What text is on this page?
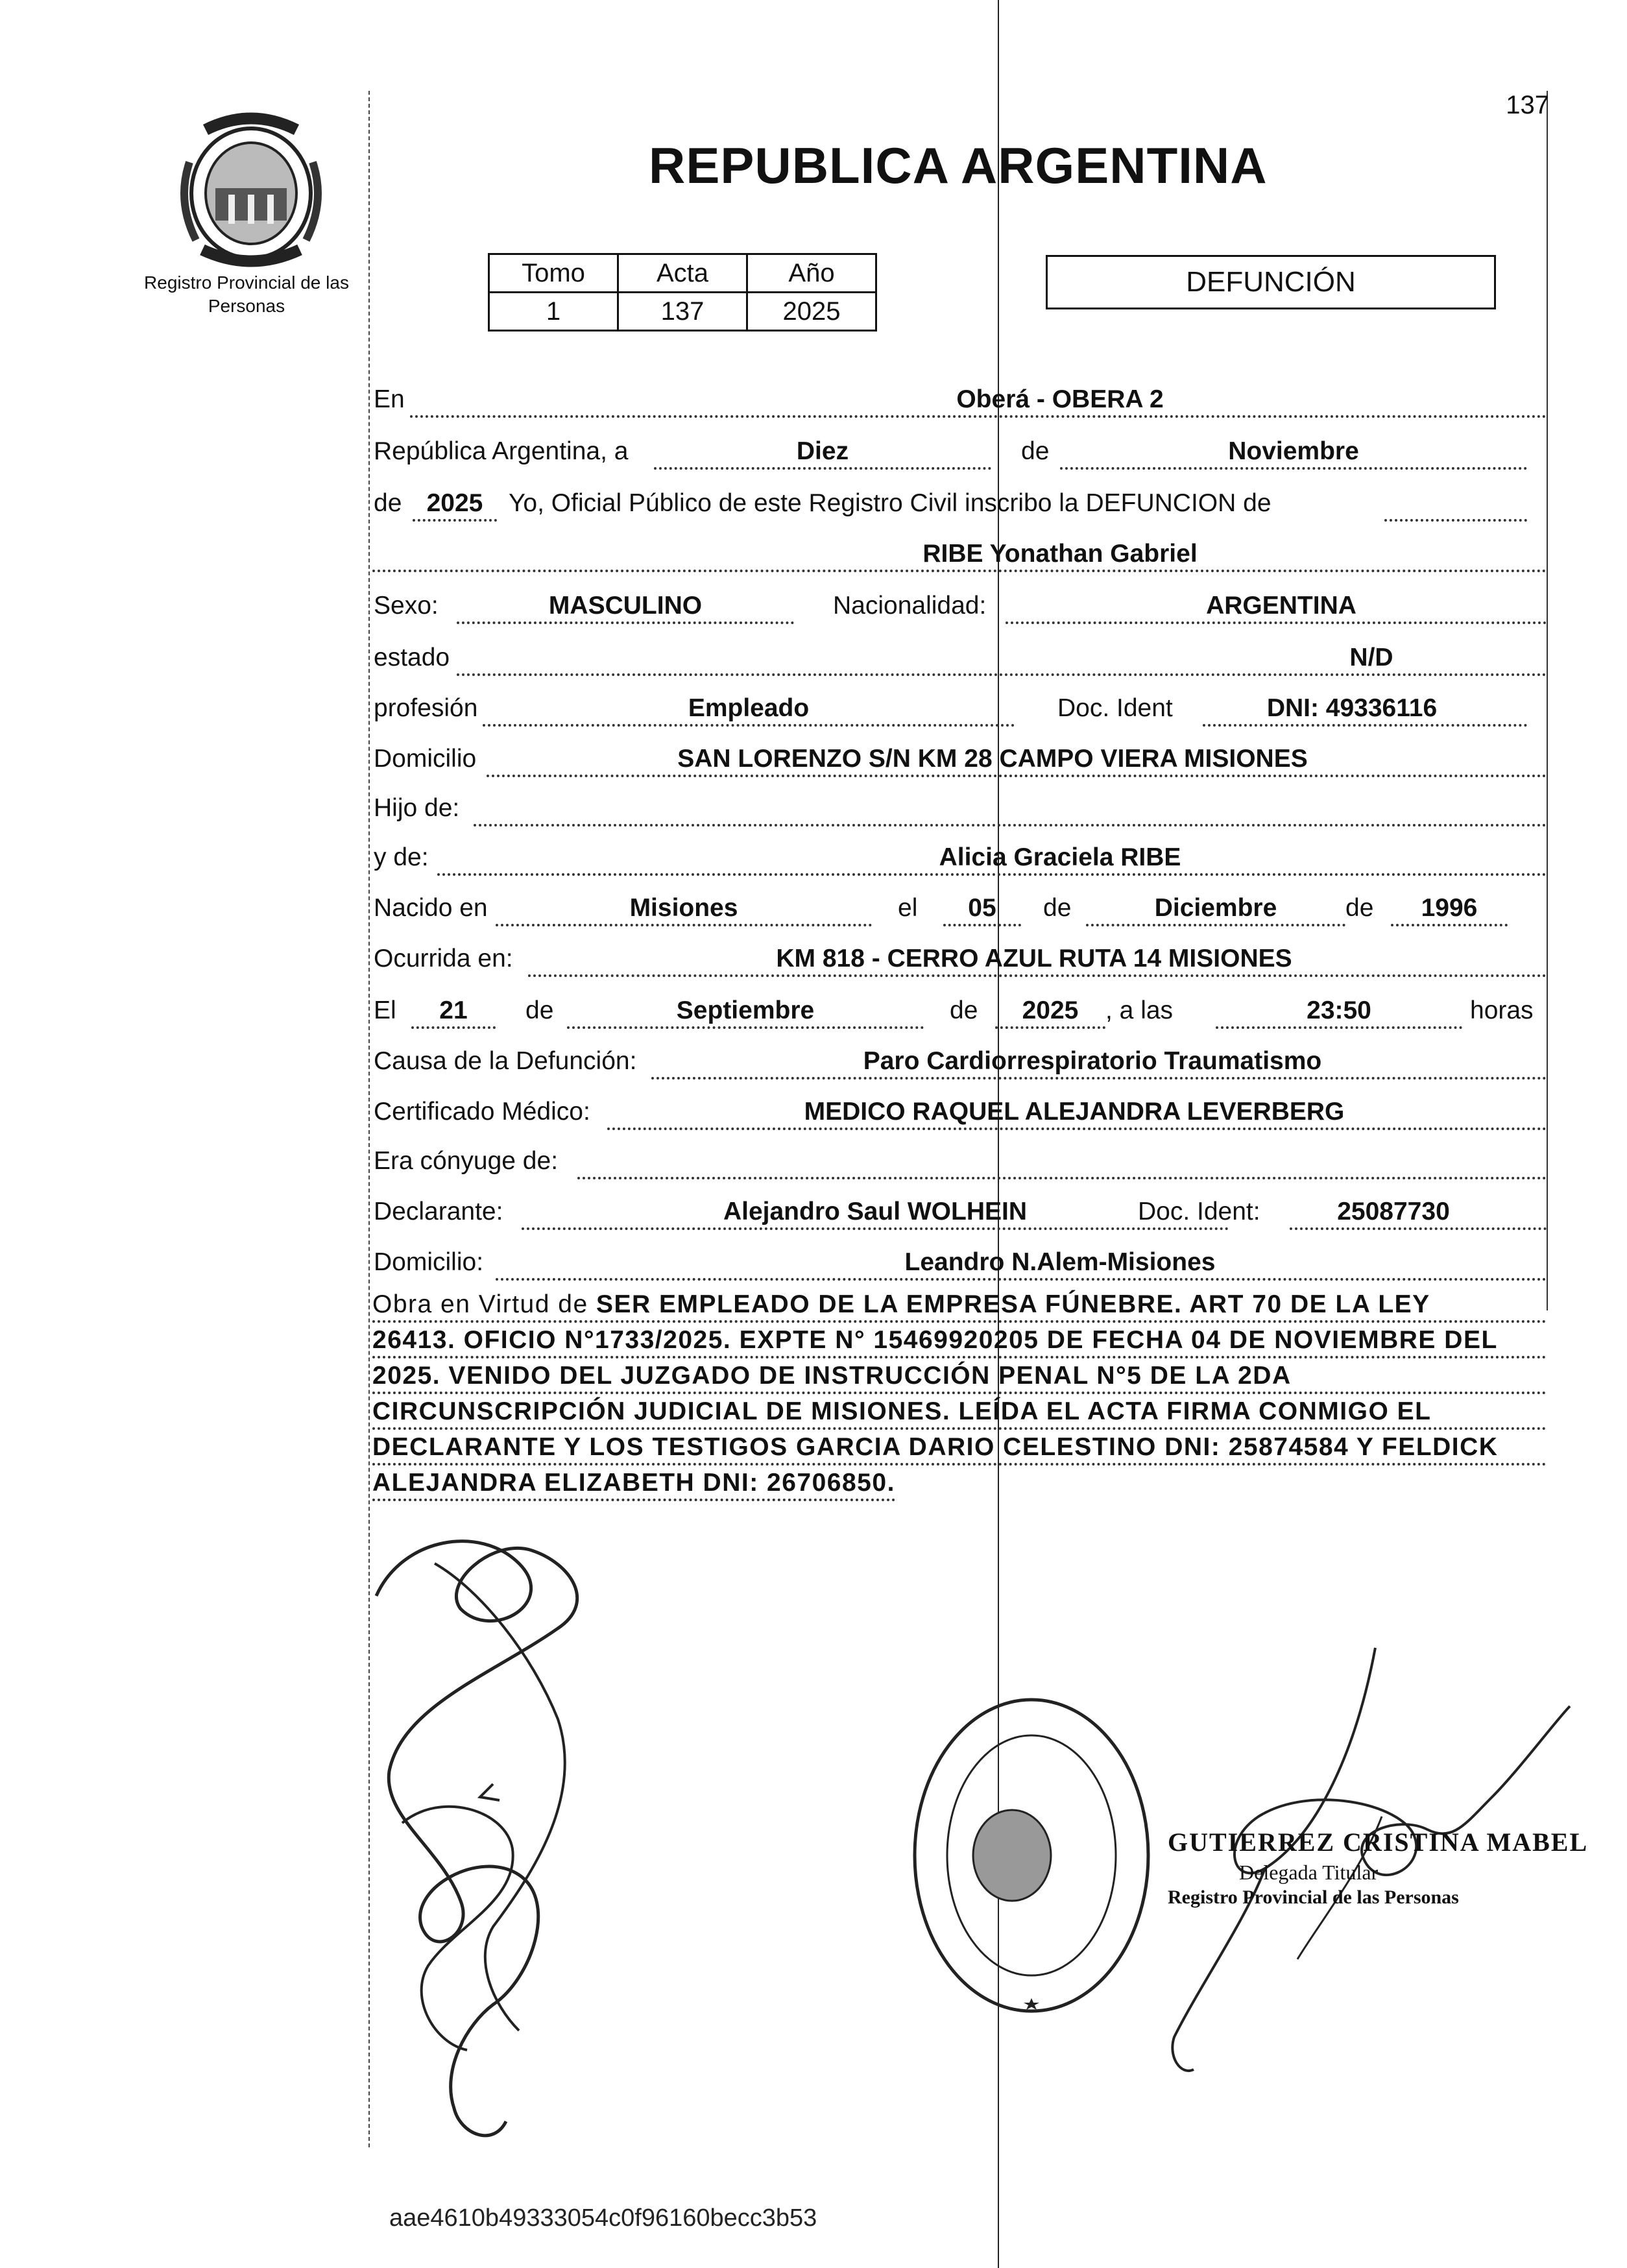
137
Registro Provincial de las Personas
REPUBLICA ARGENTINA
Tomo	Acta	Año
1	137	2025
DEFUNCIÓN
En	Oberá - OBERA 2
República Argentina, a	Diez	de	Noviembre
de 2025	Yo, Oficial Público de este Registro Civil inscribo la DEFUNCION de
RIBE Yonathan Gabriel
Sexo:	MASCULINO	Nacionalidad:	ARGENTINA
estado	N/D
profesión	Empleado	Doc. Ident	DNI: 49336116
Domicilio	SAN LORENZO S/N KM 28 CAMPO VIERA MISIONES
Hijo de:
y de:	Alicia Graciela RIBE
Nacido en	Misiones	el	05	de	Diciembre	de	1996
Ocurrida en:	KM 818 - CERRO AZUL RUTA 14 MISIONES
El	21	de	Septiembre	de	2025	, a las	23:50	horas
Causa de la Defunción:	Paro Cardiorrespiratorio Traumatismo
Certificado Médico:	MEDICO RAQUEL ALEJANDRA LEVERBERG
Era cónyuge de:
Declarante:	Alejandro Saul WOLHEIN	Doc. Ident:	25087730
Domicilio:	Leandro N.Alem-Misiones
Obra en Virtud de SER EMPLEADO DE LA EMPRESA FÚNEBRE. ART 70 DE LA LEY
26413. OFICIO N°1733/2025. EXPTE N° 15469920205 DE FECHA 04 DE NOVIEMBRE DEL
2025. VENIDO DEL JUZGADO DE INSTRUCCIÓN PENAL N°5 DE LA 2DA
CIRCUNSCRIPCIÓN JUDICIAL DE MISIONES. LEÍDA EL ACTA FIRMA CONMIGO EL
DECLARANTE Y LOS TESTIGOS GARCIA DARIO CELESTINO DNI: 25874584 Y FELDICK
ALEJANDRA ELIZABETH DNI: 26706850.
GUTIERREZ CRISTINA MABEL
Delegada Titular
Registro Provincial de las Personas
aae4610b49333054c0f96160becc3b53
